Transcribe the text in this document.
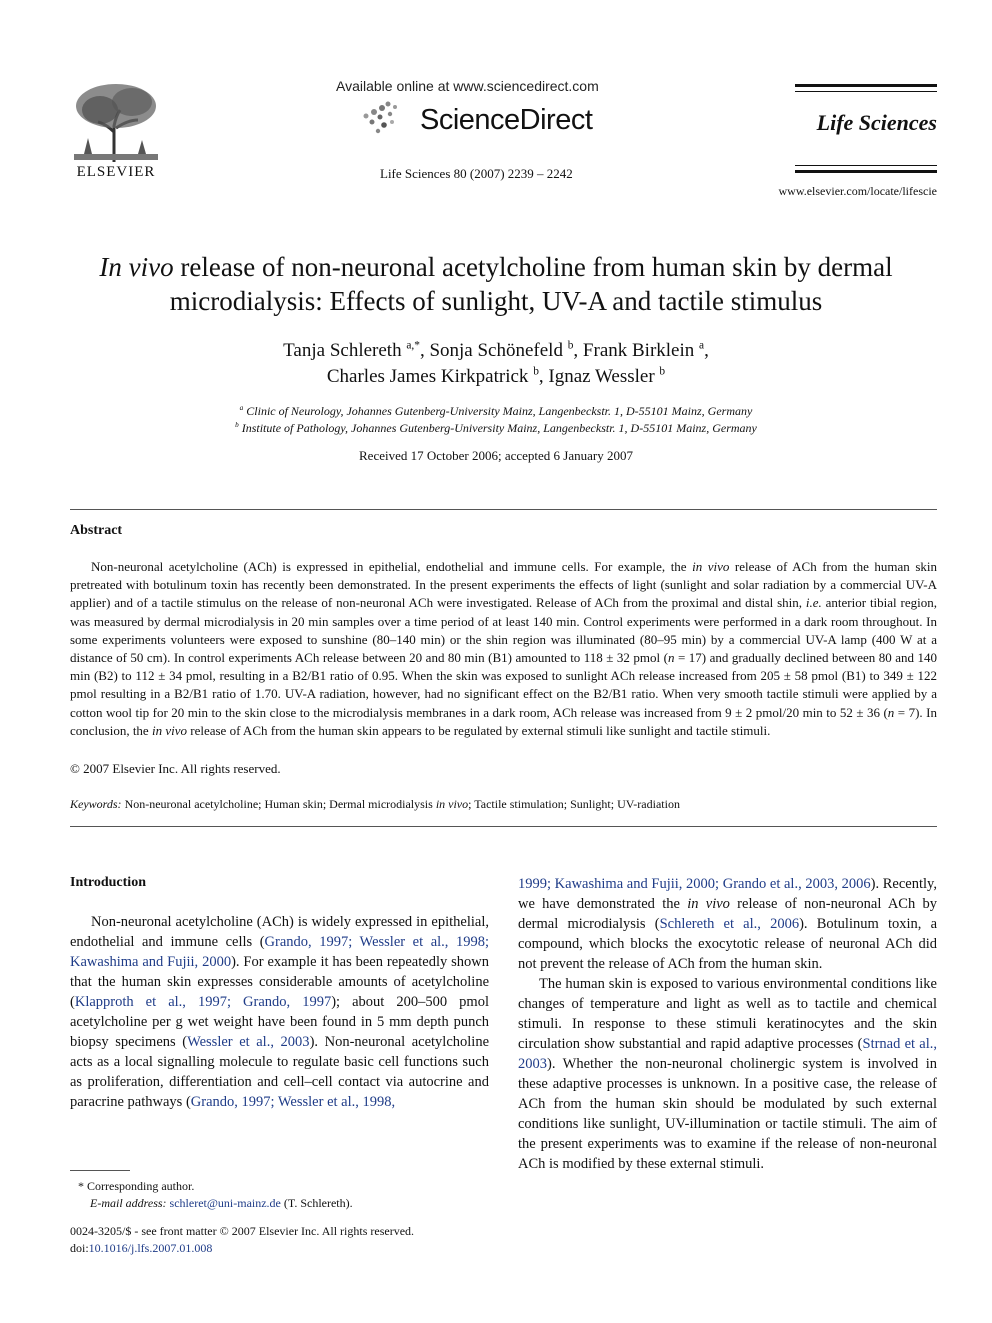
ELSEVIER
Available online at www.sciencedirect.com
ScienceDirect
Life Sciences 80 (2007) 2239 – 2242
Life Sciences
www.elsevier.com/locate/lifescie
In vivo release of non-neuronal acetylcholine from human skin by dermal microdialysis: Effects of sunlight, UV-A and tactile stimulus
Tanja Schlereth $^{a,*}$, Sonja Schönefeld $^b$, Frank Birklein $^a$,
Charles James Kirkpatrick $^b$, Ignaz Wessler $^b$
$^a$ Clinic of Neurology, Johannes Gutenberg-University Mainz, Langenbeckstr. 1, D-55101 Mainz, Germany
$^b$ Institute of Pathology, Johannes Gutenberg-University Mainz, Langenbeckstr. 1, D-55101 Mainz, Germany
Received 17 October 2006; accepted 6 January 2007
Abstract
Non-neuronal acetylcholine (ACh) is expressed in epithelial, endothelial and immune cells. For example, the in vivo release of ACh from the human skin pretreated with botulinum toxin has recently been demonstrated. In the present experiments the effects of light (sunlight and solar radiation by a commercial UV-A applier) and of a tactile stimulus on the release of non-neuronal ACh were investigated. Release of ACh from the proximal and distal shin, i.e. anterior tibial region, was measured by dermal microdialysis in 20 min samples over a time period of at least 140 min. Control experiments were performed in a dark room throughout. In some experiments volunteers were exposed to sunshine (80–140 min) or the shin region was illuminated (80–95 min) by a commercial UV-A lamp (400 W at a distance of 50 cm). In control experiments ACh release between 20 and 80 min (B1) amounted to 118 ± 32 pmol (n = 17) and gradually declined between 80 and 140 min (B2) to 112 ± 34 pmol, resulting in a B2/B1 ratio of 0.95. When the skin was exposed to sunlight ACh release increased from 205 ± 58 pmol (B1) to 349 ± 122 pmol resulting in a B2/B1 ratio of 1.70. UV-A radiation, however, had no significant effect on the B2/B1 ratio. When very smooth tactile stimuli were applied by a cotton wool tip for 20 min to the skin close to the microdialysis membranes in a dark room, ACh release was increased from 9 ± 2 pmol/20 min to 52 ± 36 (n = 7). In conclusion, the in vivo release of ACh from the human skin appears to be regulated by external stimuli like sunlight and tactile stimuli.
© 2007 Elsevier Inc. All rights reserved.
Keywords: Non-neuronal acetylcholine; Human skin; Dermal microdialysis in vivo; Tactile stimulation; Sunlight; UV-radiation
Introduction
Non-neuronal acetylcholine (ACh) is widely expressed in epithelial, endothelial and immune cells (Grando, 1997; Wessler et al., 1998; Kawashima and Fujii, 2000). For example it has been repeatedly shown that the human skin expresses considerable amounts of acetylcholine (Klapproth et al., 1997; Grando, 1997); about 200–500 pmol acetylcholine per g wet weight have been found in 5 mm depth punch biopsy specimens (Wessler et al., 2003). Non-neuronal acetylcholine acts as a local signalling molecule to regulate basic cell functions such as proliferation, differentiation and cell–cell contact via autocrine and paracrine pathways (Grando, 1997; Wessler et al., 1998,

1999; Kawashima and Fujii, 2000; Grando et al., 2003, 2006). Recently, we have demonstrated the in vivo release of non-neuronal ACh by dermal microdialysis (Schlereth et al., 2006). Botulinum toxin, a compound, which blocks the exocytotic release of neuronal ACh did not prevent the release of ACh from the human skin.

The human skin is exposed to various environmental conditions like changes of temperature and light as well as to tactile and chemical stimuli. In response to these stimuli keratinocytes and the skin circulation show substantial and rapid adaptive processes (Strnad et al., 2003). Whether the non-neuronal cholinergic system is involved in these adaptive processes is unknown. In a positive case, the release of ACh from the human skin should be modulated by such external conditions like sunlight, UV-illumination or tactile stimuli. The aim of the present experiments was to examine if the release of non-neuronal ACh is modified by these external stimuli.

* Corresponding author.
E-mail address: schleret@uni-mainz.de (T. Schlereth).
0024-3205/$ - see front matter © 2007 Elsevier Inc. All rights reserved.
doi:10.1016/j.lfs.2007.01.008
